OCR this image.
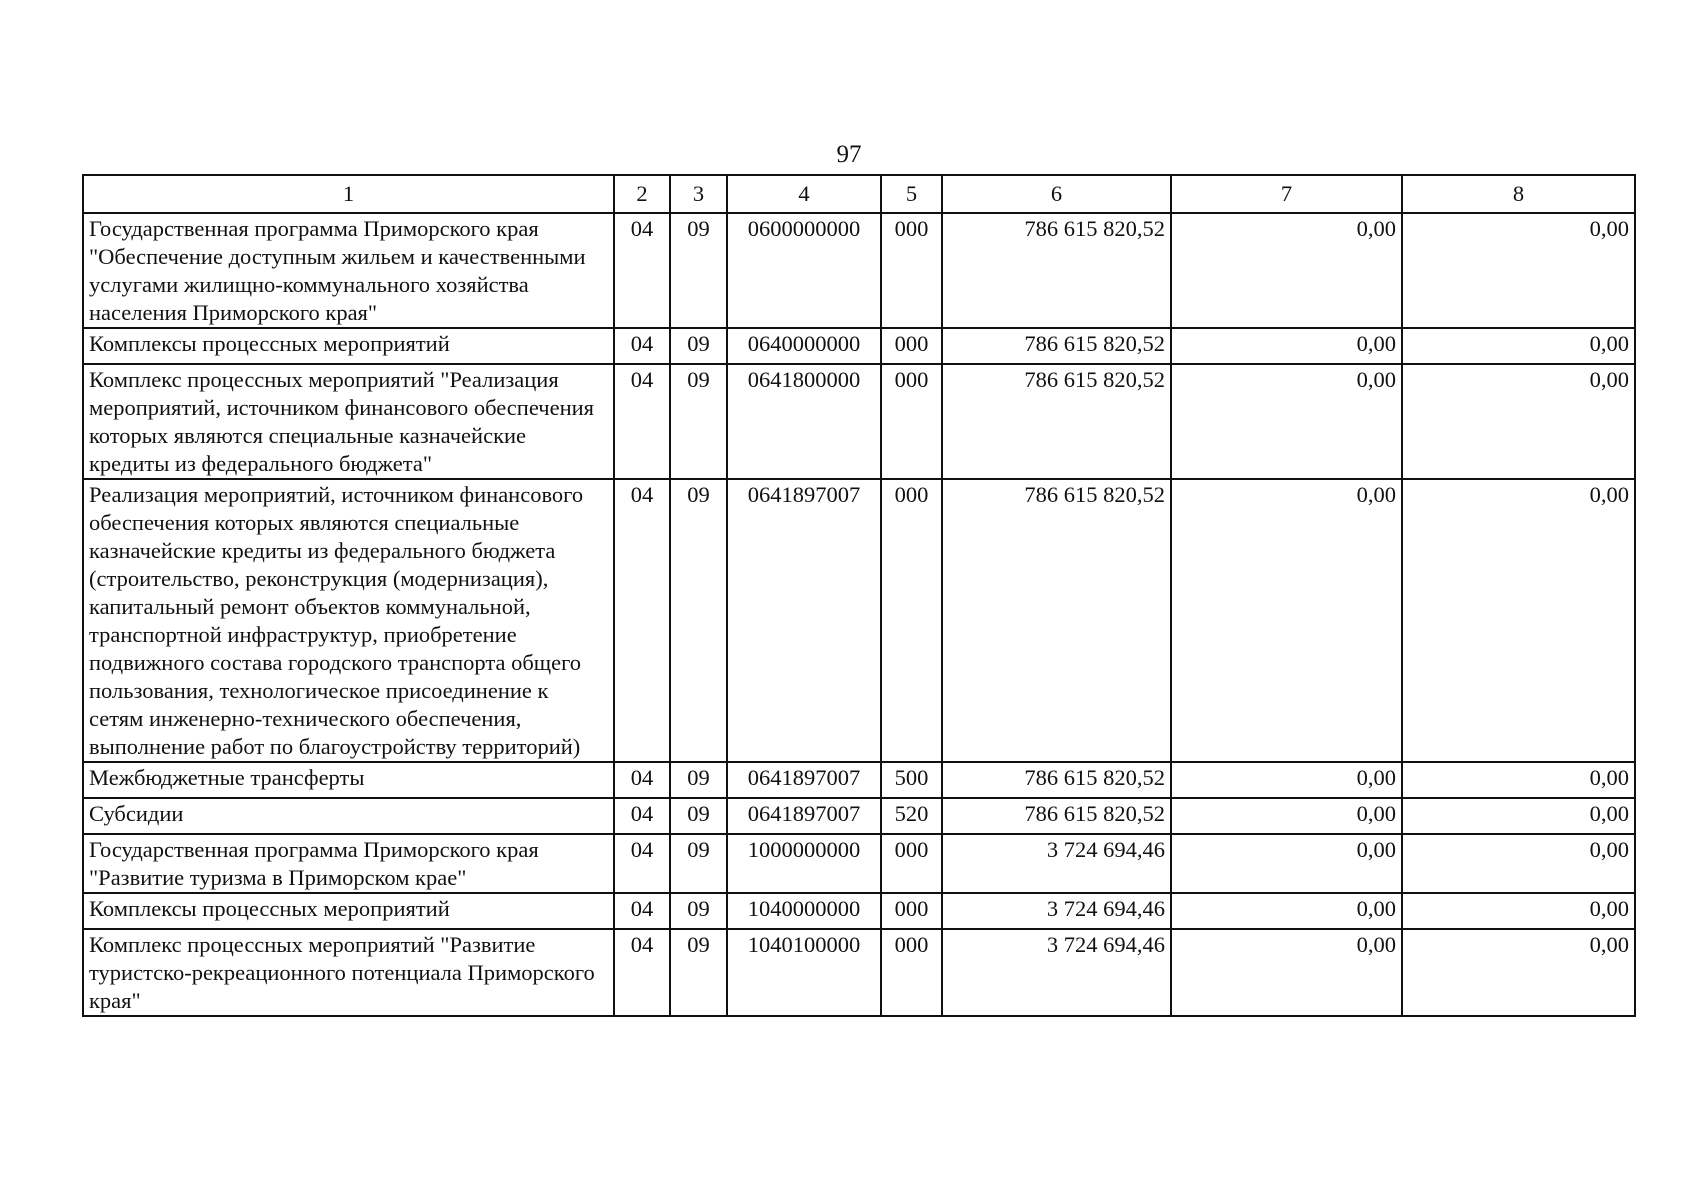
97
1	2	3	4	5	6	7	8
Государственная программа Приморского края "Обеспечение доступным жильем и качественными услугами жилищно-коммунального хозяйства населения Приморского края"	04	09	0600000000	000	786 615 820,52	0,00	0,00
Комплексы процессных мероприятий	04	09	0640000000	000	786 615 820,52	0,00	0,00
Комплекс процессных мероприятий "Реализация мероприятий, источником финансового обеспечения которых являются специальные казначейские кредиты из федерального бюджета"	04	09	0641800000	000	786 615 820,52	0,00	0,00
Реализация мероприятий, источником финансового обеспечения которых являются специальные казначейские кредиты из федерального бюджета (строительство, реконструкция (модернизация), капитальный ремонт объектов коммунальной, транспортной инфраструктур, приобретение подвижного состава городского транспорта общего пользования, технологическое присоединение к сетям инженерно-технического обеспечения, выполнение работ по благоустройству территорий)	04	09	0641897007	000	786 615 820,52	0,00	0,00
Межбюджетные трансферты	04	09	0641897007	500	786 615 820,52	0,00	0,00
Субсидии	04	09	0641897007	520	786 615 820,52	0,00	0,00
Государственная программа Приморского края "Развитие туризма в Приморском крае"	04	09	1000000000	000	3 724 694,46	0,00	0,00
Комплексы процессных мероприятий	04	09	1040000000	000	3 724 694,46	0,00	0,00
Комплекс процессных мероприятий "Развитие туристско-рекреационного потенциала Приморского края"	04	09	1040100000	000	3 724 694,46	0,00	0,00
